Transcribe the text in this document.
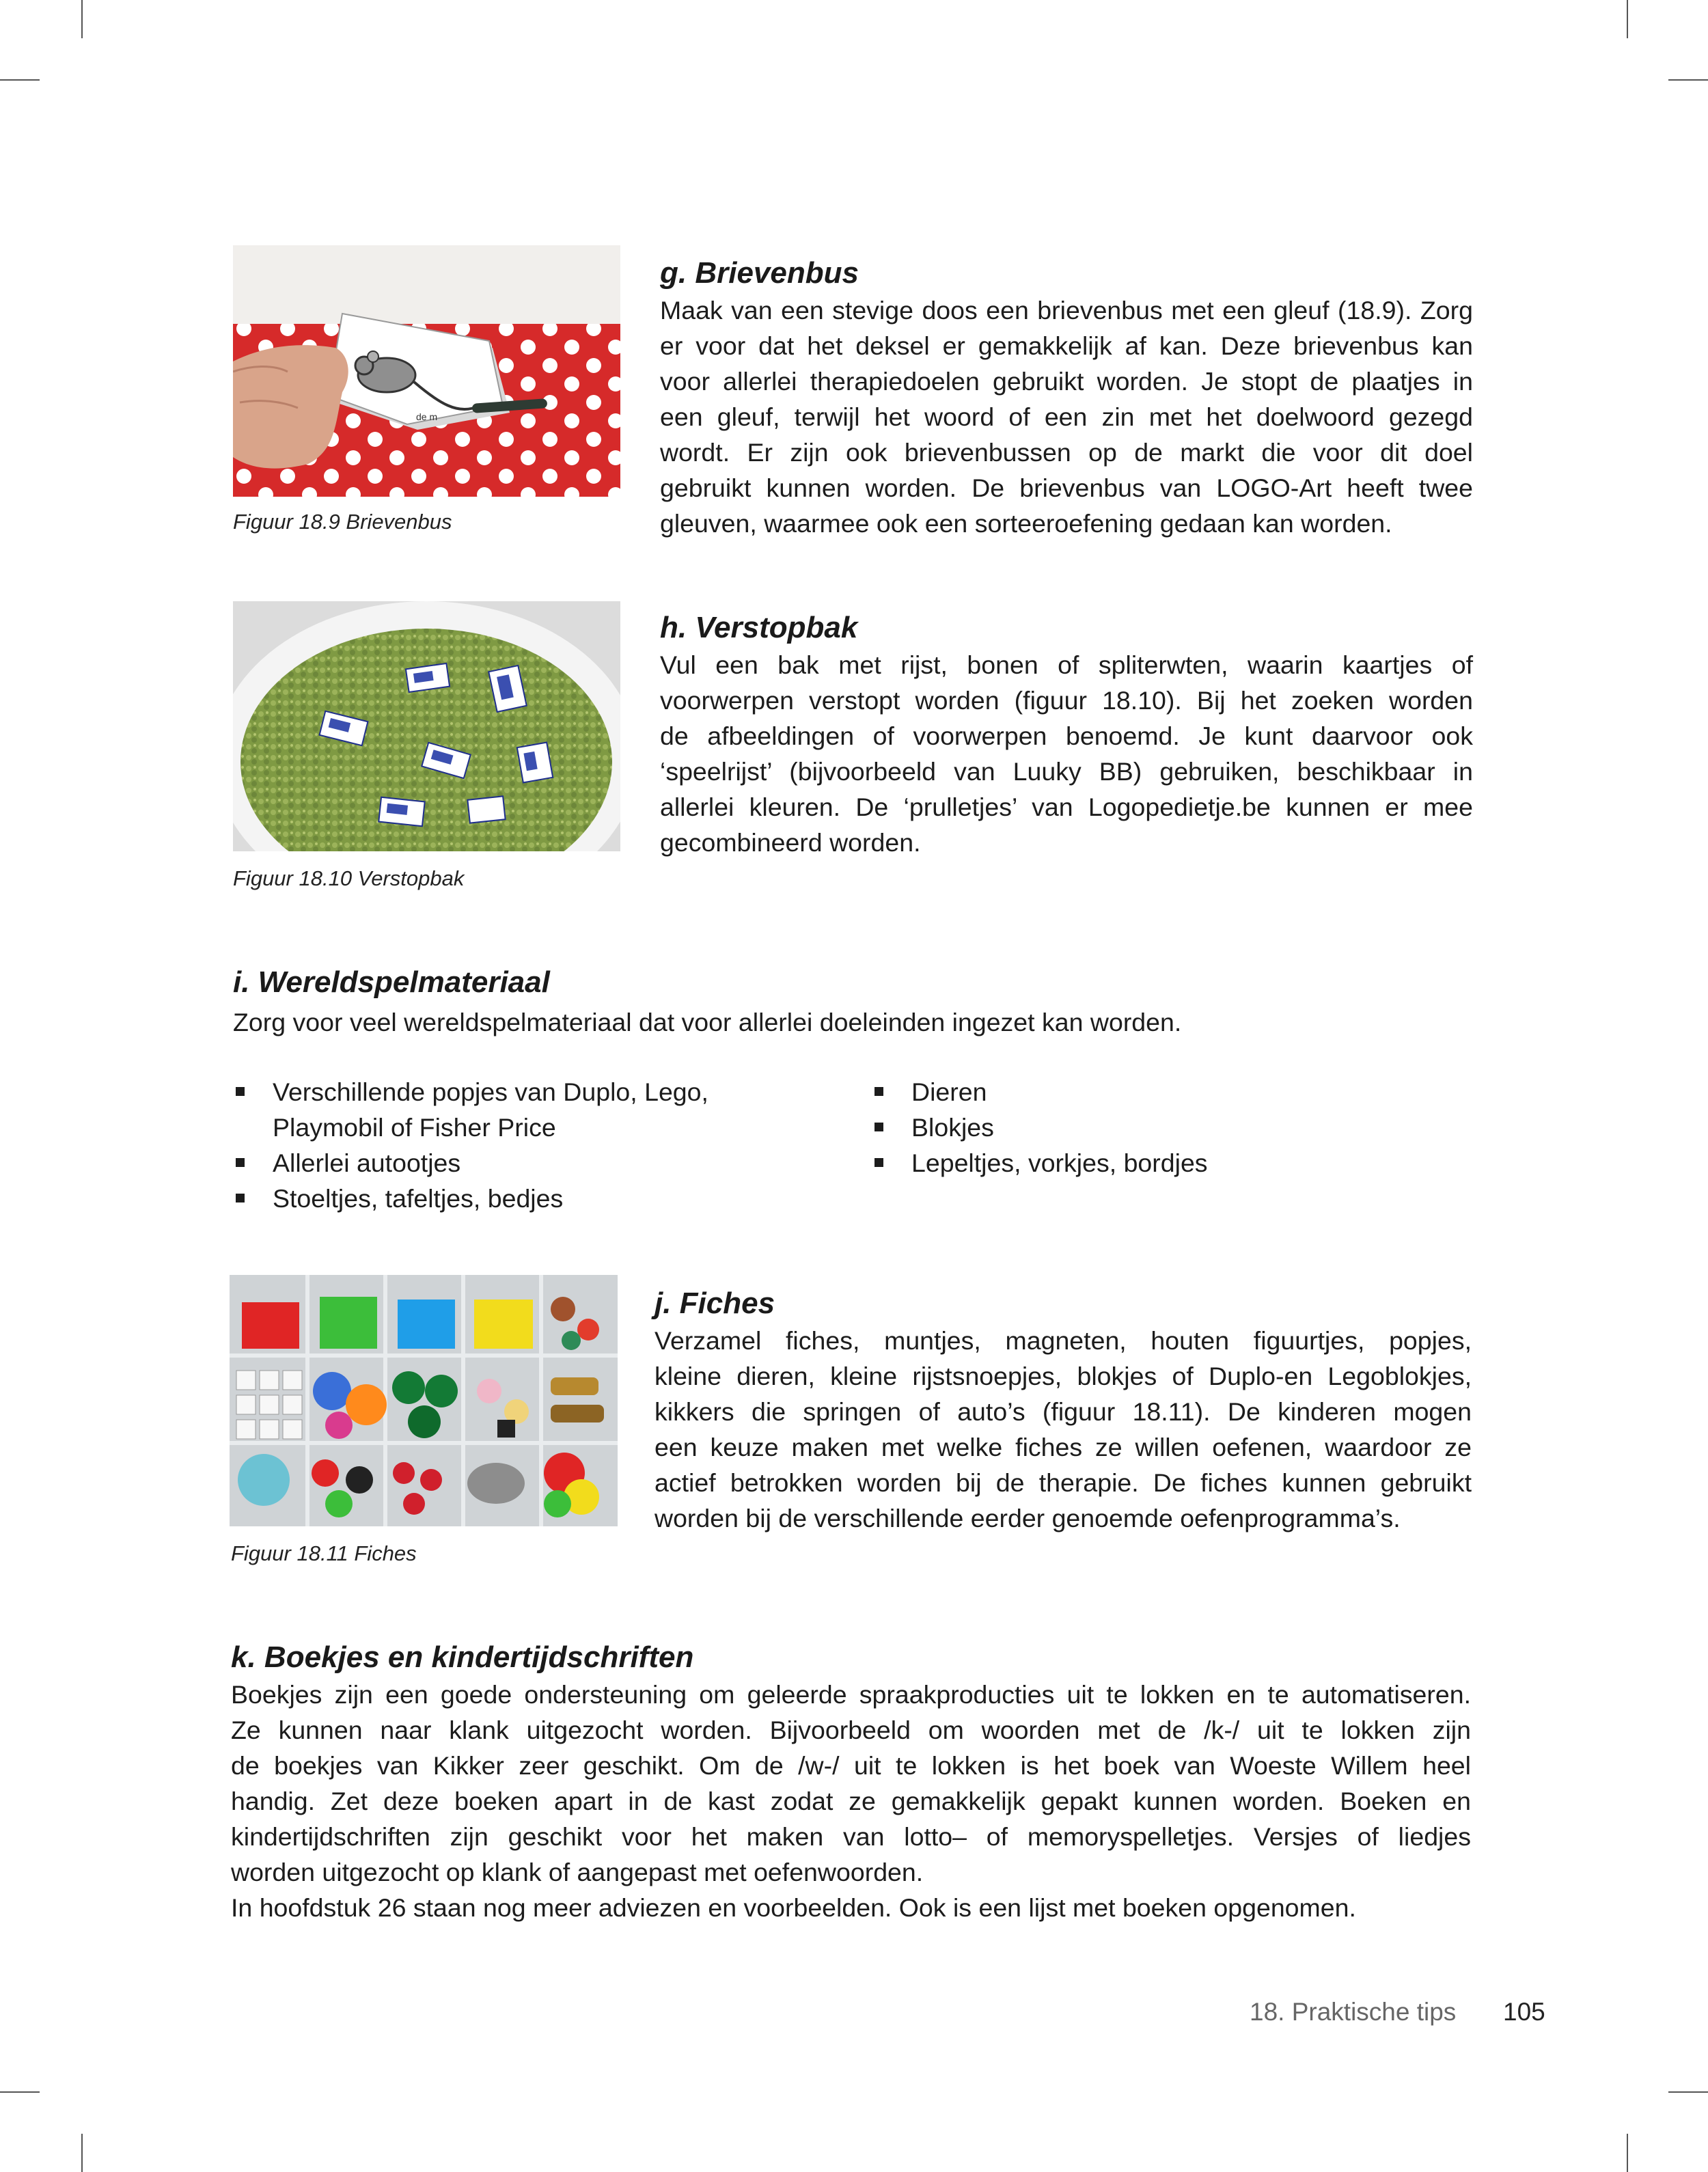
de m
Figuur 18.9 Brievenbus
g. Brievenbus
Maak van een stevige doos een brievenbus met een gleuf (18.9). Zorg
er voor dat het deksel er gemakkelijk af kan. Deze brievenbus kan
voor allerlei therapiedoelen gebruikt worden. Je stopt de plaatjes in
een gleuf, terwijl het woord of een zin met het doelwoord gezegd
wordt. Er zijn ook brievenbussen op de markt die voor dit doel
gebruikt kunnen worden. De brievenbus van LOGO-Art heeft twee
gleuven, waarmee ook een sorteeroefening gedaan kan worden.
Figuur 18.10 Verstopbak
h. Verstopbak
Vul een bak met rijst, bonen of spliterwten, waarin kaartjes of
voorwerpen verstopt worden (figuur 18.10). Bij het zoeken worden
de afbeeldingen of voorwerpen benoemd. Je kunt daarvoor ook
‘speelrijst’ (bijvoorbeeld van Luuky BB) gebruiken, beschikbaar in
allerlei kleuren. De ‘prulletjes’ van Logopedietje.be kunnen er mee
gecombineerd worden.
i. Wereldspelmateriaal

Zorg voor veel wereldspelmateriaal dat voor allerlei doeleinden ingezet kan worden.

Verschillende popjes van Duplo, Lego, Playmobil of Fisher Price
Allerlei autootjes
Stoeltjes, tafeltjes, bedjes
Dieren
Blokjes
Lepeltjes, vorkjes, bordjes
Figuur 18.11 Fiches
j. Fiches
Verzamel fiches, muntjes, magneten, houten figuurtjes, popjes,
kleine dieren, kleine rijstsnoepjes, blokjes of Duplo-en Legoblokjes,
kikkers die springen of auto’s (figuur 18.11). De kinderen mogen
een keuze maken met welke fiches ze willen oefenen, waardoor ze
actief betrokken worden bij de therapie. De fiches kunnen gebruikt
worden bij de verschillende eerder genoemde oefenprogramma’s.
k. Boekjes en kindertijdschriften
Boekjes zijn een goede ondersteuning om geleerde spraakproducties uit te lokken en te automatiseren.
Ze kunnen naar klank uitgezocht worden. Bijvoorbeeld om woorden met de /k-/ uit te lokken zijn
de boekjes van Kikker zeer geschikt. Om de /w-/ uit te lokken is het boek van Woeste Willem heel
handig. Zet deze boeken apart in de kast zodat ze gemakkelijk gepakt kunnen worden. Boeken en
kindertijdschriften zijn geschikt voor het maken van lotto– of memoryspelletjes. Versjes of liedjes
worden uitgezocht op klank of aangepast met oefenwoorden.
In hoofdstuk 26 staan nog meer adviezen en voorbeelden. Ook is een lijst met boeken opgenomen.
18. Praktische tips 105
